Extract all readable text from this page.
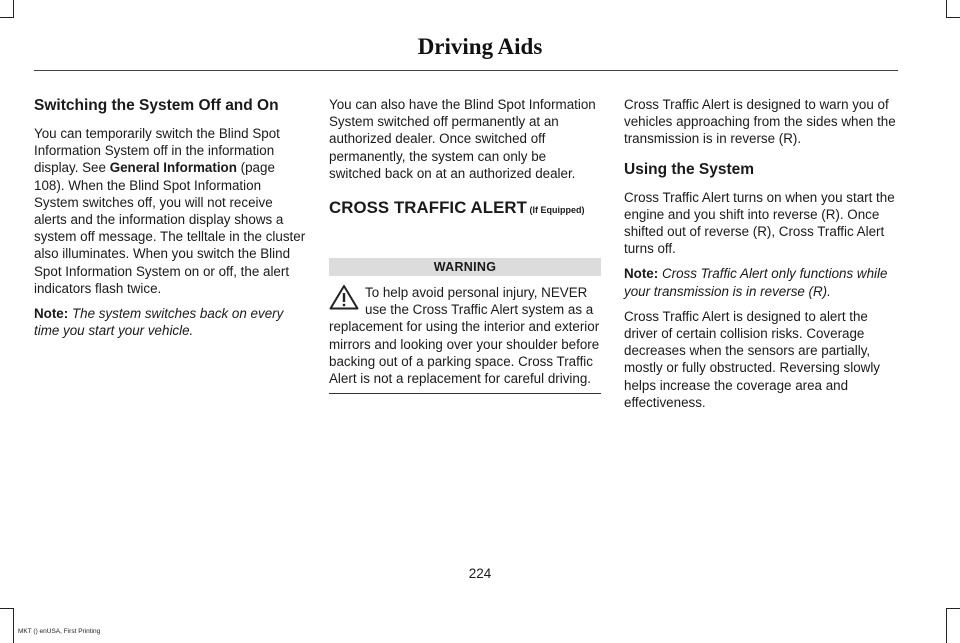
Driving Aids
Switching the System Off and On

You can temporarily switch the Blind Spot Information System off in the information display. See General Information (page 108). When the Blind Spot Information System switches off, you will not receive alerts and the information display shows a system off message. The telltale in the cluster also illuminates. When you switch the Blind Spot Information System on or off, the alert indicators flash twice.

Note: The system switches back on every time you start your vehicle.

You can also have the Blind Spot Information System switched off permanently at an authorized dealer. Once switched off permanently, the system can only be switched back on at an authorized dealer.

CROSS TRAFFIC ALERT (If Equipped)
WARNING
To help avoid personal injury, NEVER use the Cross Traffic Alert system as a replacement for using the interior and exterior mirrors and looking over your shoulder before backing out of a parking space. Cross Traffic Alert is not a replacement for careful driving.

Cross Traffic Alert is designed to warn you of vehicles approaching from the sides when the transmission is in reverse (R).

Using the System

Cross Traffic Alert turns on when you start the engine and you shift into reverse (R). Once shifted out of reverse (R), Cross Traffic Alert turns off.

Note: Cross Traffic Alert only functions while your transmission is in reverse (R).

Cross Traffic Alert is designed to alert the driver of certain collision risks. Coverage decreases when the sensors are partially, mostly or fully obstructed. Reversing slowly helps increase the coverage area and effectiveness.

224
MKT () enUSA, First Printing
